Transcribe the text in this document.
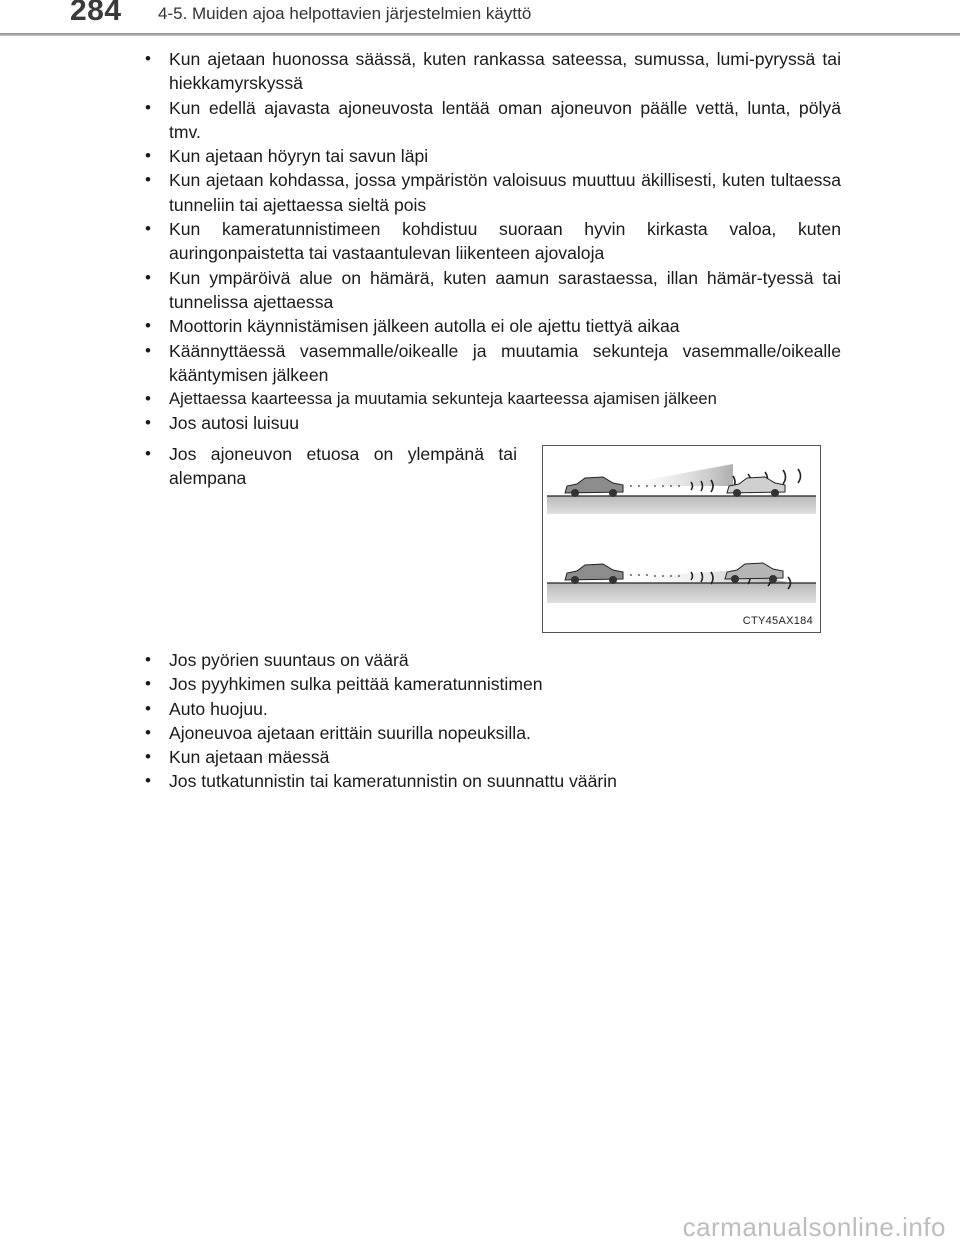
284 4-5. Muiden ajoa helpottavien järjestelmien käyttö
• Kun ajetaan huonossa säässä, kuten rankassa sateessa, sumussa, lumi-pyryssä tai hiekkamyrskyssä
• Kun edellä ajavasta ajoneuvosta lentää oman ajoneuvon päälle vettä, lunta, pölyä tmv.
• Kun ajetaan höyryn tai savun läpi
• Kun ajetaan kohdassa, jossa ympäristön valoisuus muuttuu äkillisesti, kuten tultaessa tunneliin tai ajettaessa sieltä pois
• Kun kameratunnistimeen kohdistuu suoraan hyvin kirkasta valoa, kuten auringonpaistetta tai vastaantulevan liikenteen ajovaloja
• Kun ympäröivä alue on hämärä, kuten aamun sarastaessa, illan hämär-tyessä tai tunnelissa ajettaessa
• Moottorin käynnistämisen jälkeen autolla ei ole ajettu tiettyä aikaa
• Käännyttäessä vasemmalle/oikealle ja muutamia sekunteja vasemmalle/oikealle kääntymisen jälkeen
• Ajettaessa kaarteessa ja muutamia sekunteja kaarteessa ajamisen jälkeen
• Jos autosi luisuu
• Jos ajoneuvon etuosa on ylempänä tai alempana
CTY45AX184
• Jos pyörien suuntaus on väärä
• Jos pyyhkimen sulka peittää kameratunnistimen
• Auto huojuu.
• Ajoneuvoa ajetaan erittäin suurilla nopeuksilla.
• Kun ajetaan mäessä
• Jos tutkatunnistin tai kameratunnistin on suunnattu väärin
carmanualsonline.info
